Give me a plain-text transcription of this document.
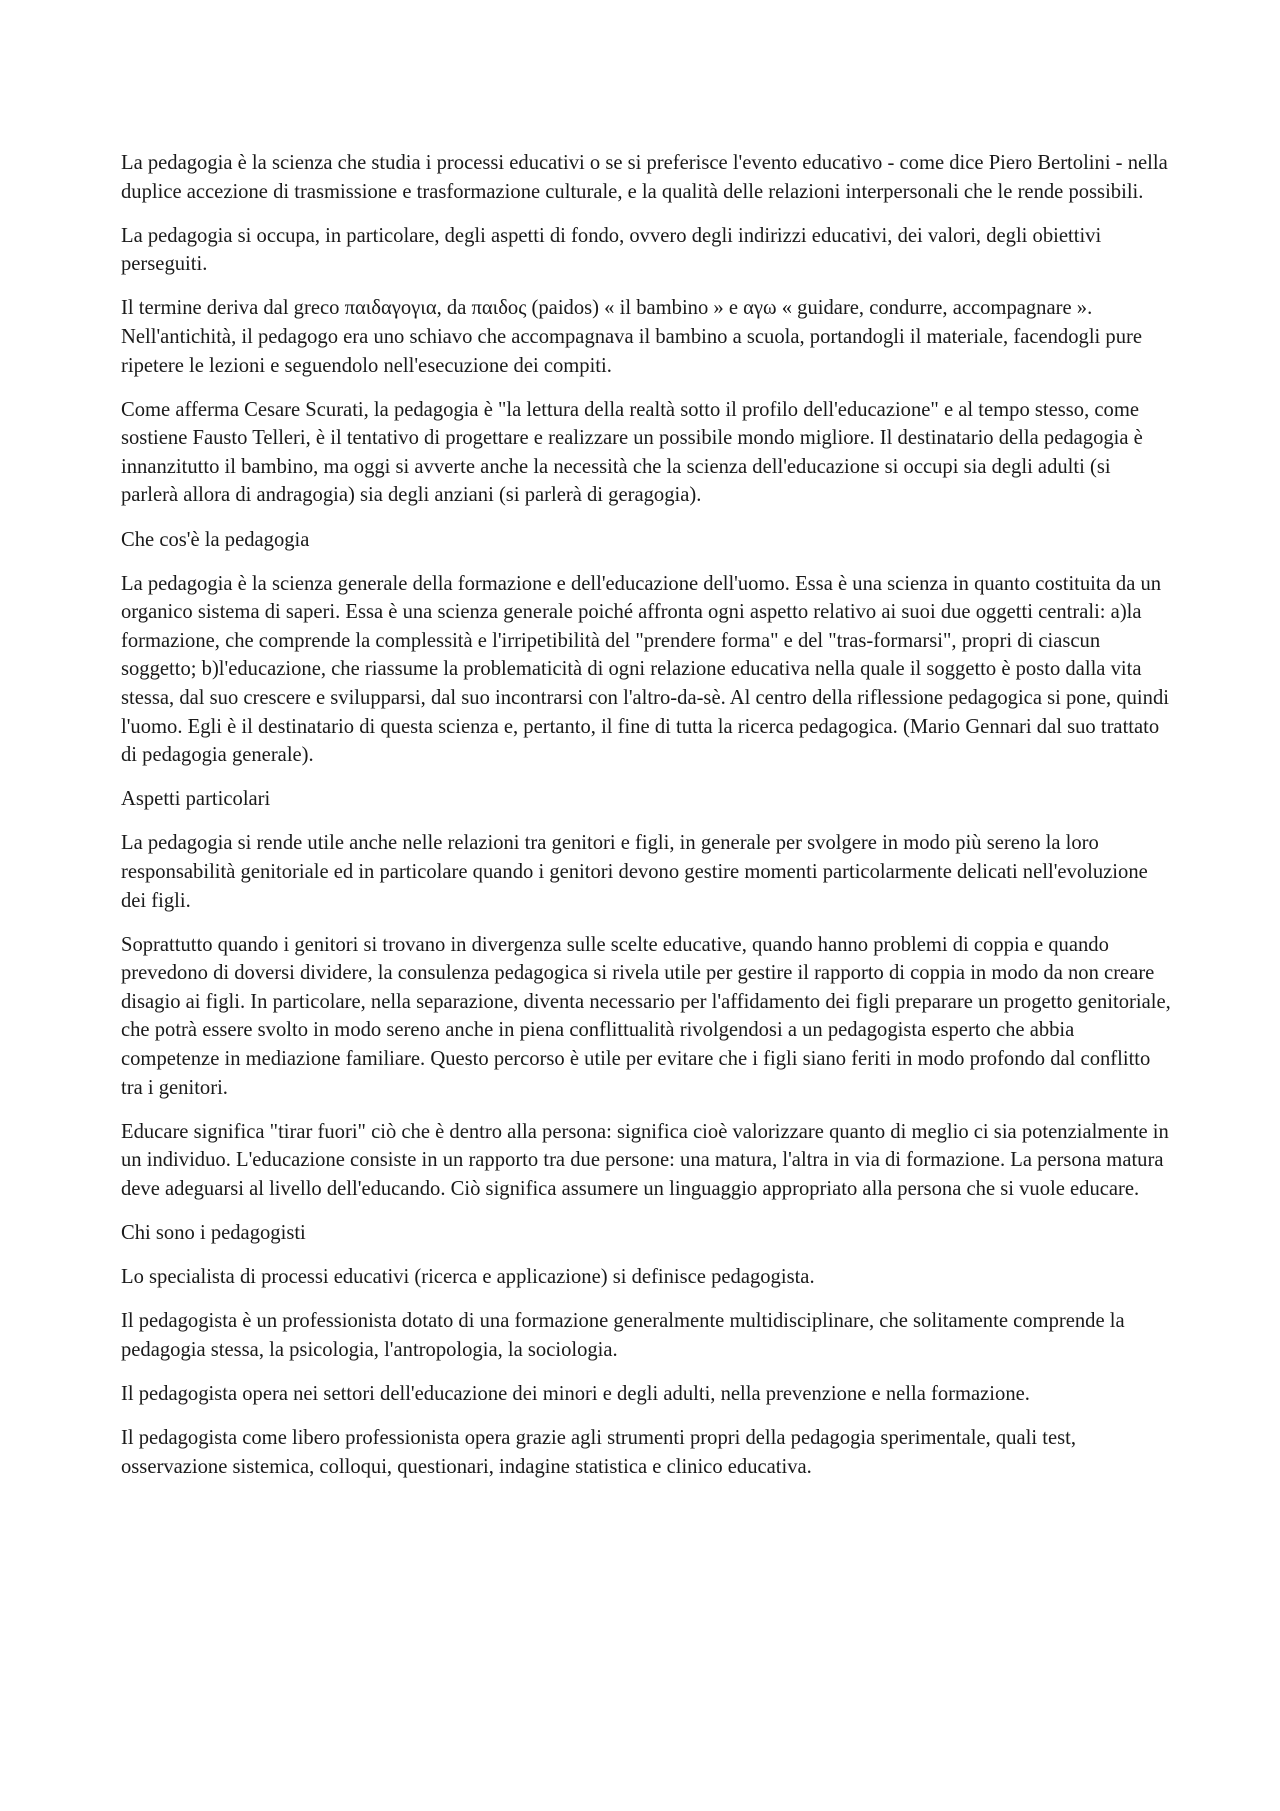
La pedagogia è la scienza che studia i processi educativi o se si preferisce l'evento educativo - come dice Piero Bertolini - nella duplice accezione di trasmissione e trasformazione culturale, e la qualità delle relazioni interpersonali che le rende possibili.

La pedagogia si occupa, in particolare, degli aspetti di fondo, ovvero degli indirizzi educativi, dei valori, degli obiettivi perseguiti.

Il termine deriva dal greco παιδαγογια, da παιδος (paidos) « il bambino » e αγω « guidare, condurre, accompagnare ». Nell'antichità, il pedagogo era uno schiavo che accompagnava il bambino a scuola, portandogli il materiale, facendogli pure ripetere le lezioni e seguendolo nell'esecuzione dei compiti.

Come afferma Cesare Scurati, la pedagogia è "la lettura della realtà sotto il profilo dell'educazione" e al tempo stesso, come sostiene Fausto Telleri, è il tentativo di progettare e realizzare un possibile mondo migliore. Il destinatario della pedagogia è innanzitutto il bambino, ma oggi si avverte anche la necessità che la scienza dell'educazione si occupi sia degli adulti (si parlerà allora di andragogia) sia degli anziani (si parlerà di geragogia).

Che cos'è la pedagogia

La pedagogia è la scienza generale della formazione e dell'educazione dell'uomo. Essa è una scienza in quanto costituita da un organico sistema di saperi. Essa è una scienza generale poiché affronta ogni aspetto relativo ai suoi due oggetti centrali: a)la formazione, che comprende la complessità e l'irripetibilità del "prendere forma" e del "tras-formarsi", propri di ciascun soggetto; b)l'educazione, che riassume la problematicità di ogni relazione educativa nella quale il soggetto è posto dalla vita stessa, dal suo crescere e svilupparsi, dal suo incontrarsi con l'altro-da-sè. Al centro della riflessione pedagogica si pone, quindi l'uomo. Egli è il destinatario di questa scienza e, pertanto, il fine di tutta la ricerca pedagogica. (Mario Gennari dal suo trattato di pedagogia generale).

Aspetti particolari

La pedagogia si rende utile anche nelle relazioni tra genitori e figli, in generale per svolgere in modo più sereno la loro responsabilità genitoriale ed in particolare quando i genitori devono gestire momenti particolarmente delicati nell'evoluzione dei figli.

Soprattutto quando i genitori si trovano in divergenza sulle scelte educative, quando hanno problemi di coppia e quando prevedono di doversi dividere, la consulenza pedagogica si rivela utile per gestire il rapporto di coppia in modo da non creare disagio ai figli. In particolare, nella separazione, diventa necessario per l'affidamento dei figli preparare un progetto genitoriale, che potrà essere svolto in modo sereno anche in piena conflittualità rivolgendosi a un pedagogista esperto che abbia competenze in mediazione familiare. Questo percorso è utile per evitare che i figli siano feriti in modo profondo dal conflitto tra i genitori.

Educare significa "tirar fuori" ciò che è dentro alla persona: significa cioè valorizzare quanto di meglio ci sia potenzialmente in un individuo. L'educazione consiste in un rapporto tra due persone: una matura, l'altra in via di formazione. La persona matura deve adeguarsi al livello dell'educando. Ciò significa assumere un linguaggio appropriato alla persona che si vuole educare.

Chi sono i pedagogisti

Lo specialista di processi educativi (ricerca e applicazione) si definisce pedagogista.

Il pedagogista è un professionista dotato di una formazione generalmente multidisciplinare, che solitamente comprende la pedagogia stessa, la psicologia, l'antropologia, la sociologia.

Il pedagogista opera nei settori dell'educazione dei minori e degli adulti, nella prevenzione e nella formazione.

Il pedagogista come libero professionista opera grazie agli strumenti propri della pedagogia sperimentale, quali test, osservazione sistemica, colloqui, questionari, indagine statistica e clinico educativa.
